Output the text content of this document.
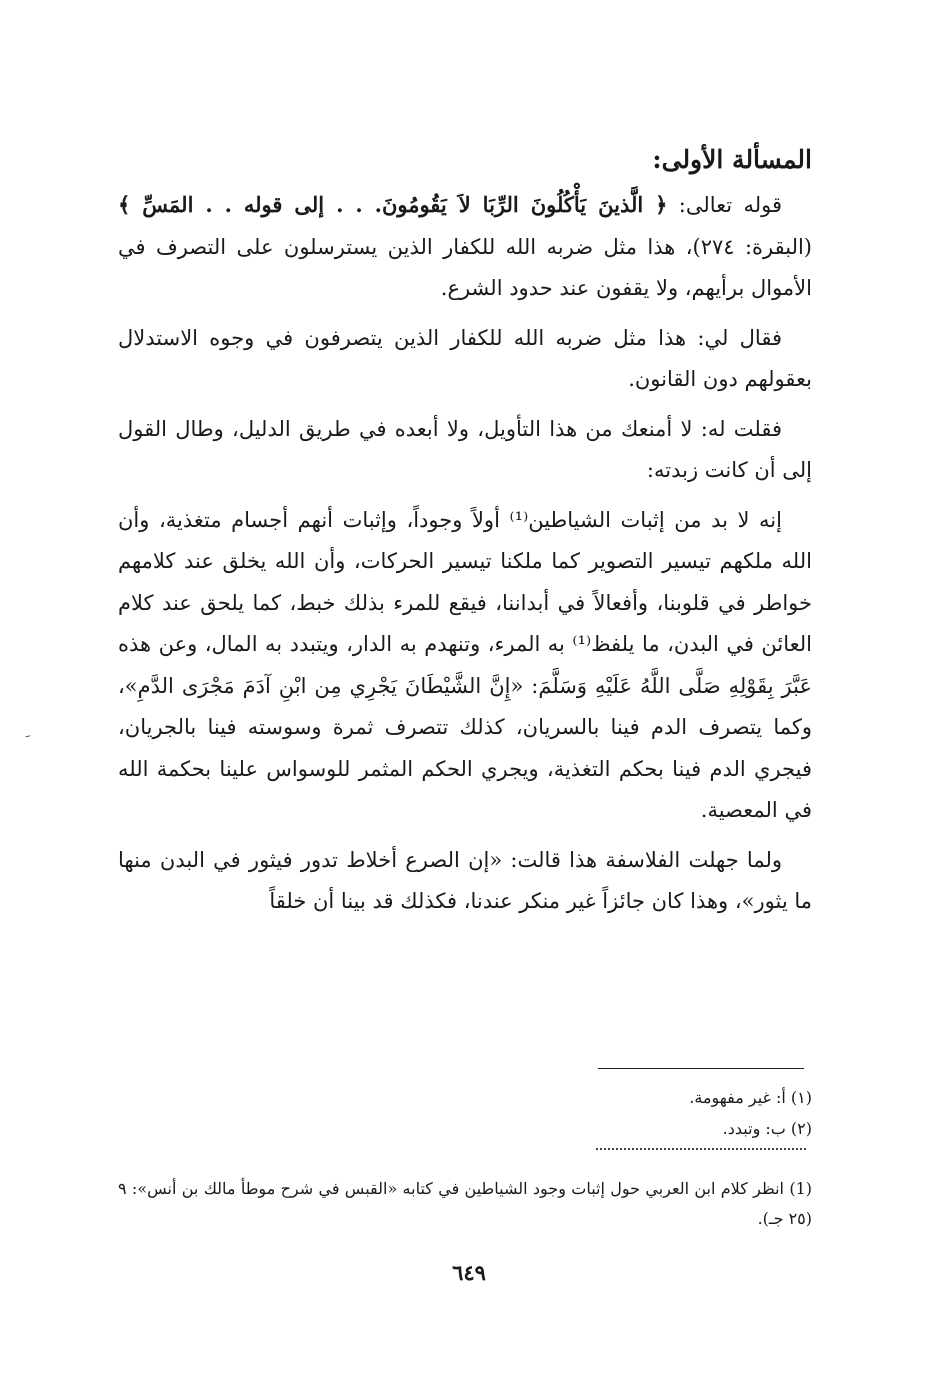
المسألة الأولى:

قوله تعالى: ﴿ الَّذينَ يَأْكُلُونَ الرِّبَا لاَ يَقُومُونَ. . . إلى قوله . . المَسِّ ﴾ (البقرة: ٢٧٤)، هذا مثل ضربه الله للكفار الذين يسترسلون على التصرف في الأموال برأيهم، ولا يقفون عند حدود الشرع.

فقال لي: هذا مثل ضربه الله للكفار الذين يتصرفون في وجوه الاستدلال بعقولهم دون القانون.

فقلت له: لا أمنعك من هذا التأويل، ولا أبعده في طريق الدليل، وطال القول إلى أن كانت زبدته:

إنه لا بد من إثبات الشياطين⁽¹⁾ أولاً وجوداً، وإثبات أنهم أجسام متغذية، وأن الله ملكهم تيسير التصوير كما ملكنا تيسير الحركات، وأن الله يخلق عند كلامهم خواطر في قلوبنا، وأفعالاً في أبداننا، فيقع للمرء بذلك خبط، كما يلحق عند كلام العائن في البدن، ما يلفظ⁽¹⁾ به المرء، وتنهدم به الدار، ويتبدد به المال، وعن هذه عَبَّرَ بِقَوْلِهِ صَلَّى اللَّهُ عَلَيْهِ وَسَلَّمَ: «إِنَّ الشَّيْطَانَ يَجْرِي مِن ابْنِ آدَمَ مَجْرَى الدَّمِ»، وكما يتصرف الدم فينا بالسريان، كذلك تتصرف ثمرة وسوسته فينا بالجريان، فيجري الدم فينا بحكم التغذية، ويجري الحكم المثمر للوسواس علينا بحكمة الله في المعصية.

ولما جهلت الفلاسفة هذا قالت: «إن الصرع أخلاط تدور فيثور في البدن منها ما يثور»، وهذا كان جائزاً غير منكر عندنا، فكذلك قد بينا أن خلقاً

(١) أ: غير مفهومة.

(٢) ب: وتبدد.

(1) انظر كلام ابن العربي حول إثبات وجود الشياطين في كتابه «القبس في شرح موطأ مالك بن أنس»: ٩ (٢٥ جـ).
٦٤٩
